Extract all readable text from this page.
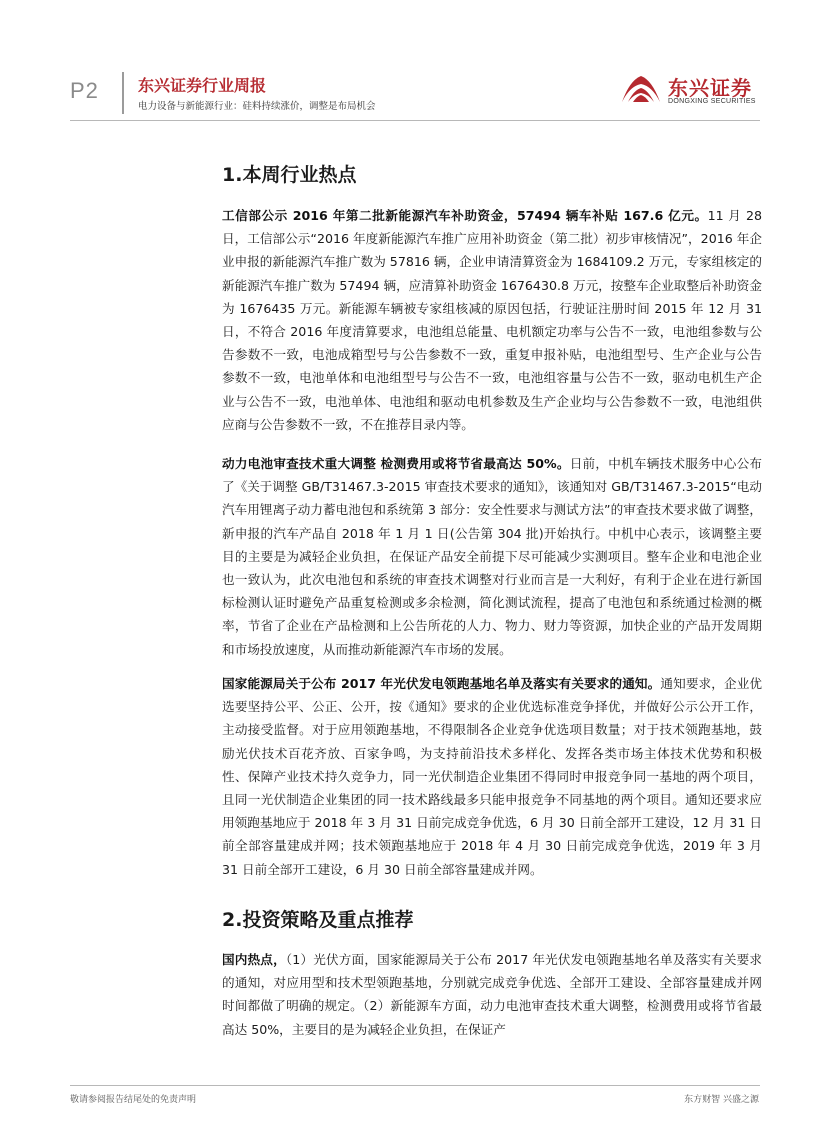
P2 东兴证券行业周报
电力设备与新能源行业：硅料持续涨价，调整是布局机会
东兴证券
DONGXING SECURITIES
1.本周行业热点
工信部公示 2016 年第二批新能源汽车补助资金，57494 辆车补贴 167.6 亿元。11 月 28 日，工信部公示“2016 年度新能源汽车推广应用补助资金（第二批）初步审核情况”，2016 年企业申报的新能源汽车推广数为 57816 辆，企业申请清算资金为 1684109.2 万元，专家组核定的新能源汽车推广数为 57494 辆，应清算补助资金 1676430.8 万元，按整车企业取整后补助资金为 1676435 万元。新能源车辆被专家组核减的原因包括，行驶证注册时间 2015 年 12 月 31 日，不符合 2016 年度清算要求，电池组总能量、电机额定功率与公告不一致，电池组参数与公告参数不一致，电池成箱型号与公告参数不一致，重复申报补贴，电池组型号、生产企业与公告参数不一致，电池单体和电池组型号与公告不一致，电池组容量与公告不一致，驱动电机生产企业与公告不一致，电池单体、电池组和驱动电机参数及生产企业均与公告参数不一致，电池组供应商与公告参数不一致，不在推荐目录内等。
动力电池审查技术重大调整 检测费用或将节省最高达 50%。日前，中机车辆技术服务中心公布了《关于调整 GB/T31467.3-2015 审查技术要求的通知》，该通知对 GB/T31467.3-2015“电动汽车用锂离子动力蓄电池包和系统第 3 部分：安全性要求与测试方法”的审查技术要求做了调整，新申报的汽车产品自 2018 年 1 月 1 日(公告第 304 批)开始执行。中机中心表示，该调整主要目的主要是为减轻企业负担，在保证产品安全前提下尽可能减少实测项目。整车企业和电池企业也一致认为，此次电池包和系统的审查技术调整对行业而言是一大利好，有利于企业在进行新国标检测认证时避免产品重复检测或多余检测，简化测试流程，提高了电池包和系统通过检测的概率，节省了企业在产品检测和上公告所花的人力、物力、财力等资源，加快企业的产品开发周期和市场投放速度，从而推动新能源汽车市场的发展。
国家能源局关于公布 2017 年光伏发电领跑基地名单及落实有关要求的通知。通知要求，企业优选要坚持公平、公正、公开，按《通知》要求的企业优选标准竞争择优，并做好公示公开工作，主动接受监督。对于应用领跑基地，不得限制各企业竞争优选项目数量；对于技术领跑基地，鼓励光伏技术百花齐放、百家争鸣，为支持前沿技术多样化、发挥各类市场主体技术优势和积极性、保障产业技术持久竞争力，同一光伏制造企业集团不得同时申报竞争同一基地的两个项目，且同一光伏制造企业集团的同一技术路线最多只能申报竞争不同基地的两个项目。通知还要求应用领跑基地应于 2018 年 3 月 31 日前完成竞争优选，6 月 30 日前全部开工建设，12 月 31 日前全部容量建成并网；技术领跑基地应于 2018 年 4 月 30 日前完成竞争优选，2019 年 3 月 31 日前全部开工建设，6 月 30 日前全部容量建成并网。
2.投资策略及重点推荐
国内热点，（1）光伏方面，国家能源局关于公布 2017 年光伏发电领跑基地名单及落实有关要求的通知，对应用型和技术型领跑基地，分别就完成竞争优选、全部开工建设、全部容量建成并网时间都做了明确的规定。（2）新能源车方面，动力电池审查技术重大调整，检测费用或将节省最高达 50%，主要目的是为减轻企业负担，在保证产
敬请参阅报告结尾处的免责声明	东方财智 兴盛之源
